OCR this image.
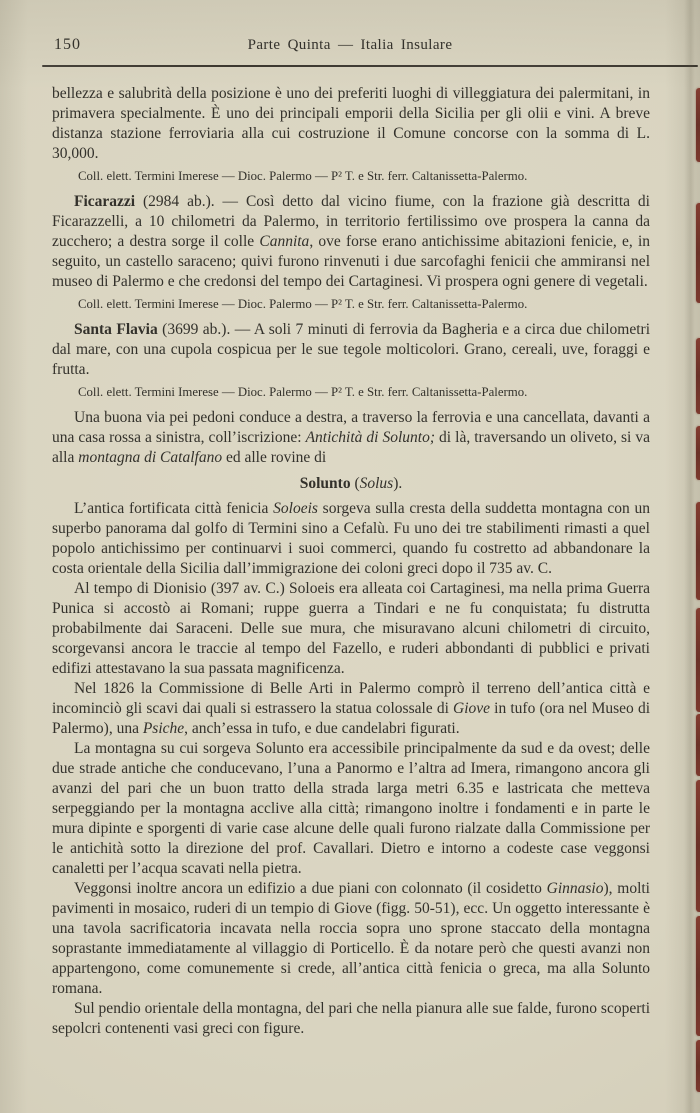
150	Parte Quinta — Italia Insulare

bellezza e salubrità della posizione è uno dei preferiti luoghi di villeggiatura dei palermitani, in primavera specialmente. È uno dei principali emporii della Sicilia per gli olii e vini. A breve distanza stazione ferroviaria alla cui costruzione il Comune concorse con la somma di L. 30,000.

Coll. elett. Termini Imerese — Dioc. Palermo — P² T. e Str. ferr. Caltanissetta-Palermo.

Ficarazzi (2984 ab.). — Così detto dal vicino fiume, con la frazione già descritta di Ficarazzelli, a 10 chilometri da Palermo, in territorio fertilissimo ove prospera la canna da zucchero; a destra sorge il colle Cannita, ove forse erano antichissime abitazioni fenicie, e, in seguito, un castello saraceno; quivi furono rinvenuti i due sarcofaghi fenicii che ammiransi nel museo di Palermo e che credonsi del tempo dei Cartaginesi. Vi prospera ogni genere di vegetali.

Coll. elett. Termini Imerese — Dioc. Palermo — P² T. e Str. ferr. Caltanissetta-Palermo.

Santa Flavia (3699 ab.). — A soli 7 minuti di ferrovia da Bagheria e a circa due chilometri dal mare, con una cupola cospicua per le sue tegole molticolori. Grano, cereali, uve, foraggi e frutta.

Coll. elett. Termini Imerese — Dioc. Palermo — P² T. e Str. ferr. Caltanissetta-Palermo.

Una buona via pei pedoni conduce a destra, a traverso la ferrovia e una cancellata, davanti a una casa rossa a sinistra, coll’iscrizione: Antichità di Solunto; di là, traversando un oliveto, si va alla montagna di Catalfano ed alle rovine di

Solunto (Solus).

L’antica fortificata città fenicia Soloeis sorgeva sulla cresta della suddetta montagna con un superbo panorama dal golfo di Termini sino a Cefalù. Fu uno dei tre stabilimenti rimasti a quel popolo antichissimo per continuarvi i suoi commerci, quando fu costretto ad abbandonare la costa orientale della Sicilia dall’immigrazione dei coloni greci dopo il 735 av. C.

Al tempo di Dionisio (397 av. C.) Soloeis era alleata coi Cartaginesi, ma nella prima Guerra Punica si accostò ai Romani; ruppe guerra a Tindari e ne fu conquistata; fu distrutta probabilmente dai Saraceni. Delle sue mura, che misuravano alcuni chilometri di circuito, scorgevansi ancora le traccie al tempo del Fazello, e ruderi abbondanti di pubblici e privati edifizi attestavano la sua passata magnificenza.

Nel 1826 la Commissione di Belle Arti in Palermo comprò il terreno dell’antica città e incominciò gli scavi dai quali si estrassero la statua colossale di Giove in tufo (ora nel Museo di Palermo), una Psiche, anch’essa in tufo, e due candelabri figurati.

La montagna su cui sorgeva Solunto era accessibile principalmente da sud e da ovest; delle due strade antiche che conducevano, l’una a Panormo e l’altra ad Imera, rimangono ancora gli avanzi del pari che un buon tratto della strada larga metri 6.35 e lastricata che metteva serpeggiando per la montagna acclive alla città; rimangono inoltre i fondamenti e in parte le mura dipinte e sporgenti di varie case alcune delle quali furono rialzate dalla Commissione per le antichità sotto la direzione del prof. Cavallari. Dietro e intorno a codeste case veggonsi canaletti per l’acqua scavati nella pietra.

Veggonsi inoltre ancora un edifizio a due piani con colonnato (il cosidetto Ginnasio), molti pavimenti in mosaico, ruderi di un tempio di Giove (figg. 50-51), ecc. Un oggetto interessante è una tavola sacrificatoria incavata nella roccia sopra uno sprone staccato della montagna soprastante immediatamente al villaggio di Porticello. È da notare però che questi avanzi non appartengono, come comunemente si crede, all’antica città fenicia o greca, ma alla Solunto romana.

Sul pendio orientale della montagna, del pari che nella pianura alle sue falde, furono scoperti sepolcri contenenti vasi greci con figure.
